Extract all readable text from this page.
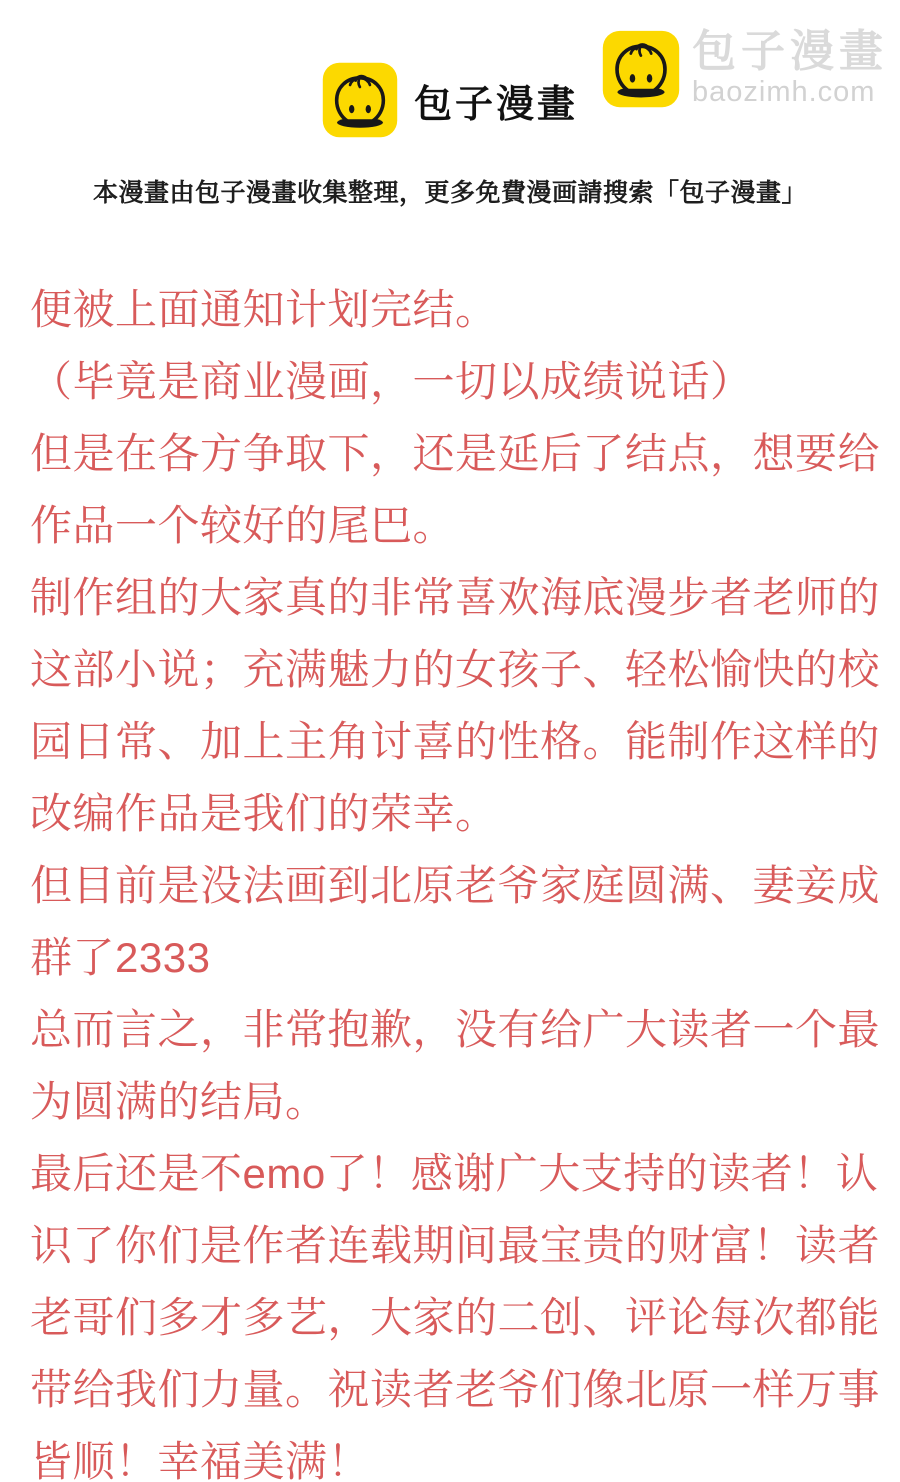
包子漫畫
baozimh.com
包子漫畫
本漫畫由包子漫畫收集整理，更多免費漫画請搜索「包子漫畫」
便被上面通知计划完结。
（毕竟是商业漫画，一切以成绩说话）
但是在各方争取下，还是延后了结点，想要给
作品一个较好的尾巴。
制作组的大家真的非常喜欢海底漫步者老师的
这部小说；充满魅力的女孩子、轻松愉快的校
园日常、加上主角讨喜的性格。能制作这样的
改编作品是我们的荣幸。
但目前是没法画到北原老爷家庭圆满、妻妾成
群了2333
总而言之，非常抱歉，没有给广大读者一个最
为圆满的结局。
最后还是不emo了！感谢广大支持的读者！认
识了你们是作者连载期间最宝贵的财富！读者
老哥们多才多艺，大家的二创、评论每次都能
带给我们力量。祝读者老爷们像北原一样万事
皆顺！幸福美满！
